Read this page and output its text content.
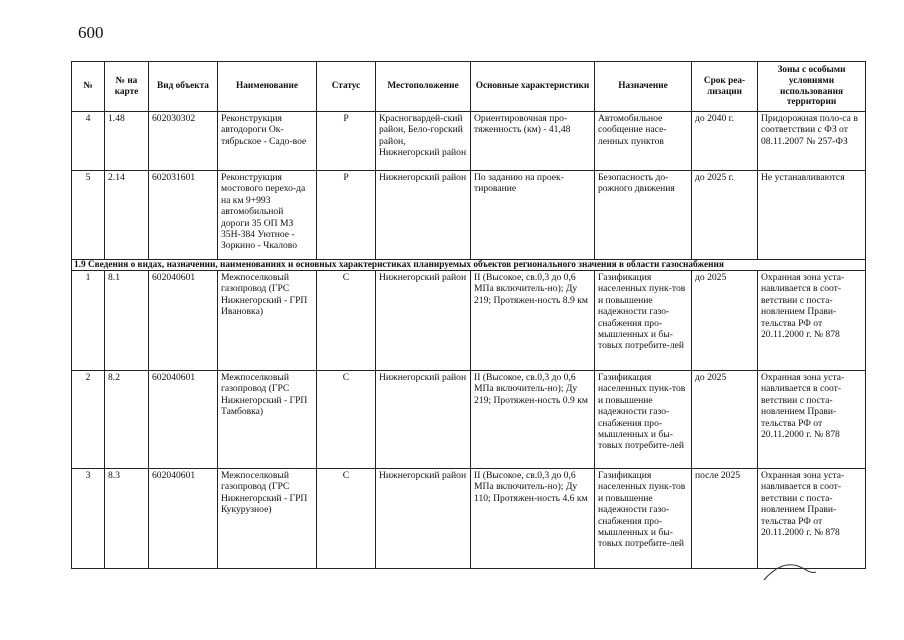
600
№	№ на карте	Вид объекта	Наименование	Статус	Местоположение	Основные характеристики	Назначение	Срок реа-лизации	Зоны с особыми условиями использования территории
4	1.48	602030302	Реконструкция автодороги Ок-тябрьское - Садо-вое	Р	Красногвардей-ский район, Бело-горский район, Нижнегорский район	Ориентировочная про-тяженность (км) - 41,48	Автомобильное сообщение насе-ленных пунктов	до 2040 г.	Придорожная поло-са в соответствии с ФЗ от 08.11.2007 № 257-ФЗ
5	2.14	602031601	Реконструкция мостового перехо-да на км 9+993 автомобильной дороги 35 ОП МЗ 35Н-384 Уютное - Зоркино - Чкалово	Р	Нижнегорский район	По заданию на проек-тирование	Безопасность до-рожного движения	до 2025 г.	Не устанавливаются
1.9 Сведения о видах, назначении, наименованиях и основных характеристиках планируемых объектов регионального значения в области газоснабжения									
1	8.1	602040601	Межпоселковый газопровод (ГРС Нижнегорский - ГРП Ивановка)	С	Нижнегорский район	II (Высокое, св.0,3 до 0,6 МПа включитель-но); Ду 219; Протяжен-ность 8.9 км	Газификация населенных пунк-тов и повышение надежности газо-снабжения про-мышленных и бы-товых потребите-лей	до 2025	Охранная зона уста-навливается в соот-ветствии с поста-новлением Прави-тельства РФ от 20.11.2000 г. № 878
2	8.2	602040601	Межпоселковый газопровод (ГРС Нижнегорский - ГРП Тамбовка)	С	Нижнегорский район	II (Высокое, св.0,3 до 0,6 МПа включитель-но); Ду 219; Протяжен-ность 0.9 км	Газификация населенных пунк-тов и повышение надежности газо-снабжения про-мышленных и бы-товых потребите-лей	до 2025	Охранная зона уста-навливается в соот-ветствии с поста-новлением Прави-тельства РФ от 20.11.2000 г. № 878
3	8.3	602040601	Межпоселковый газопровод (ГРС Нижнегорский - ГРП Кукурузное)	С	Нижнегорский район	II (Высокое, св.0,3 до 0,6 МПа включитель-но); Ду 110; Протяжен-ность 4.6 км	Газификация населенных пунк-тов и повышение надежности газо-снабжения про-мышленных и бы-товых потребите-лей	после 2025	Охранная зона уста-навливается в соот-ветствии с поста-новлением Прави-тельства РФ от 20.11.2000 г. № 878
